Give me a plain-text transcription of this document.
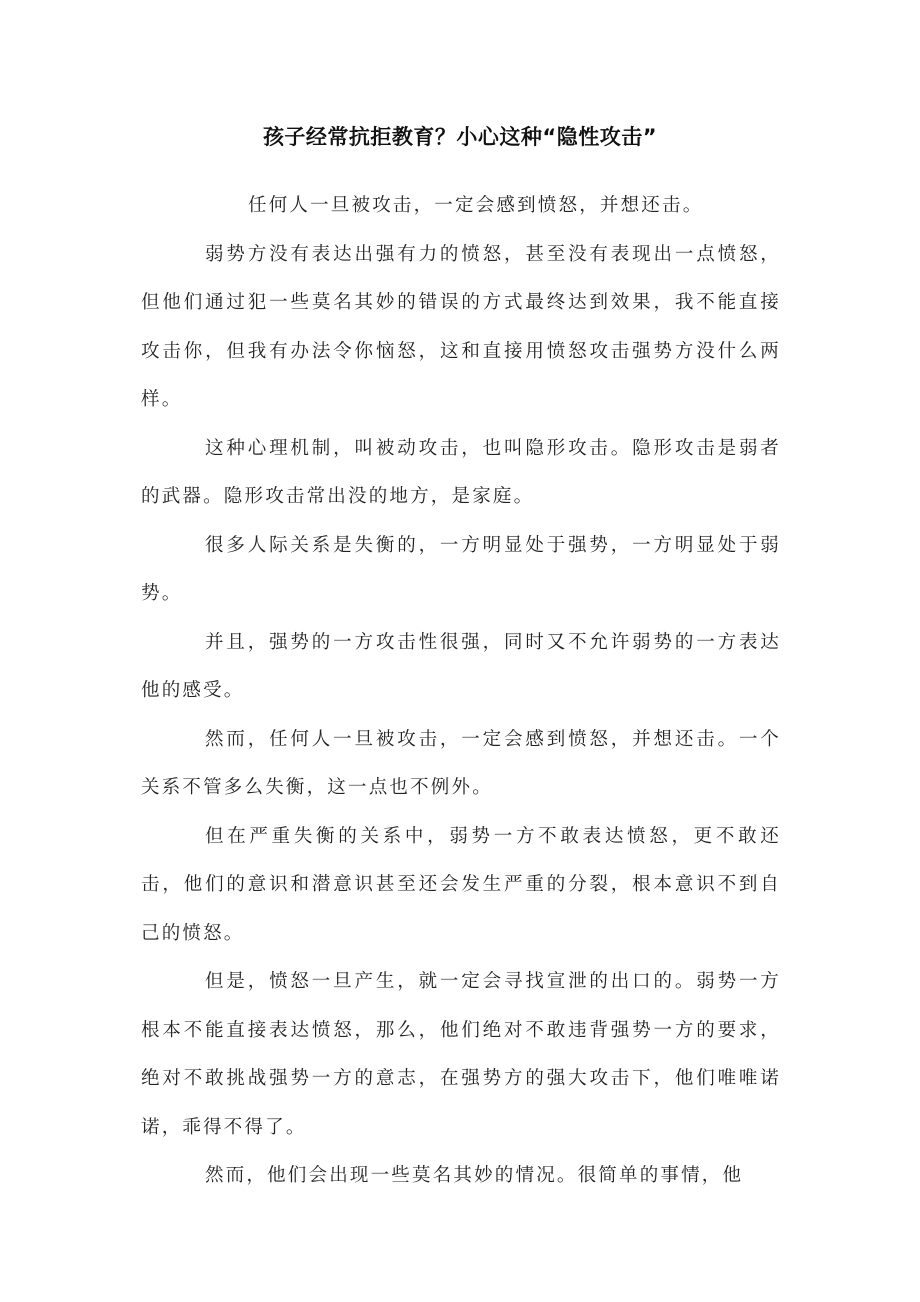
孩子经常抗拒教育？小心这种“隐性攻击”

任何人一旦被攻击，一定会感到愤怒，并想还击。

弱势方没有表达出强有力的愤怒，甚至没有表现出一点愤怒，但他们通过犯一些莫名其妙的错误的方式最终达到效果，我不能直接攻击你，但我有办法令你恼怒，这和直接用愤怒攻击强势方没什么两样。

这种心理机制，叫被动攻击，也叫隐形攻击。隐形攻击是弱者的武器。隐形攻击常出没的地方，是家庭。

很多人际关系是失衡的，一方明显处于强势，一方明显处于弱势。

并且，强势的一方攻击性很强，同时又不允许弱势的一方表达他的感受。

然而，任何人一旦被攻击，一定会感到愤怒，并想还击。一个关系不管多么失衡，这一点也不例外。

但在严重失衡的关系中，弱势一方不敢表达愤怒，更不敢还击，他们的意识和潜意识甚至还会发生严重的分裂，根本意识不到自己的愤怒。

但是，愤怒一旦产生，就一定会寻找宣泄的出口的。弱势一方根本不能直接表达愤怒，那么，他们绝对不敢违背强势一方的要求，绝对不敢挑战强势一方的意志，在强势方的强大攻击下，他们唯唯诺诺，乖得不得了。

然而，他们会出现一些莫名其妙的情况。很简单的事情，他
